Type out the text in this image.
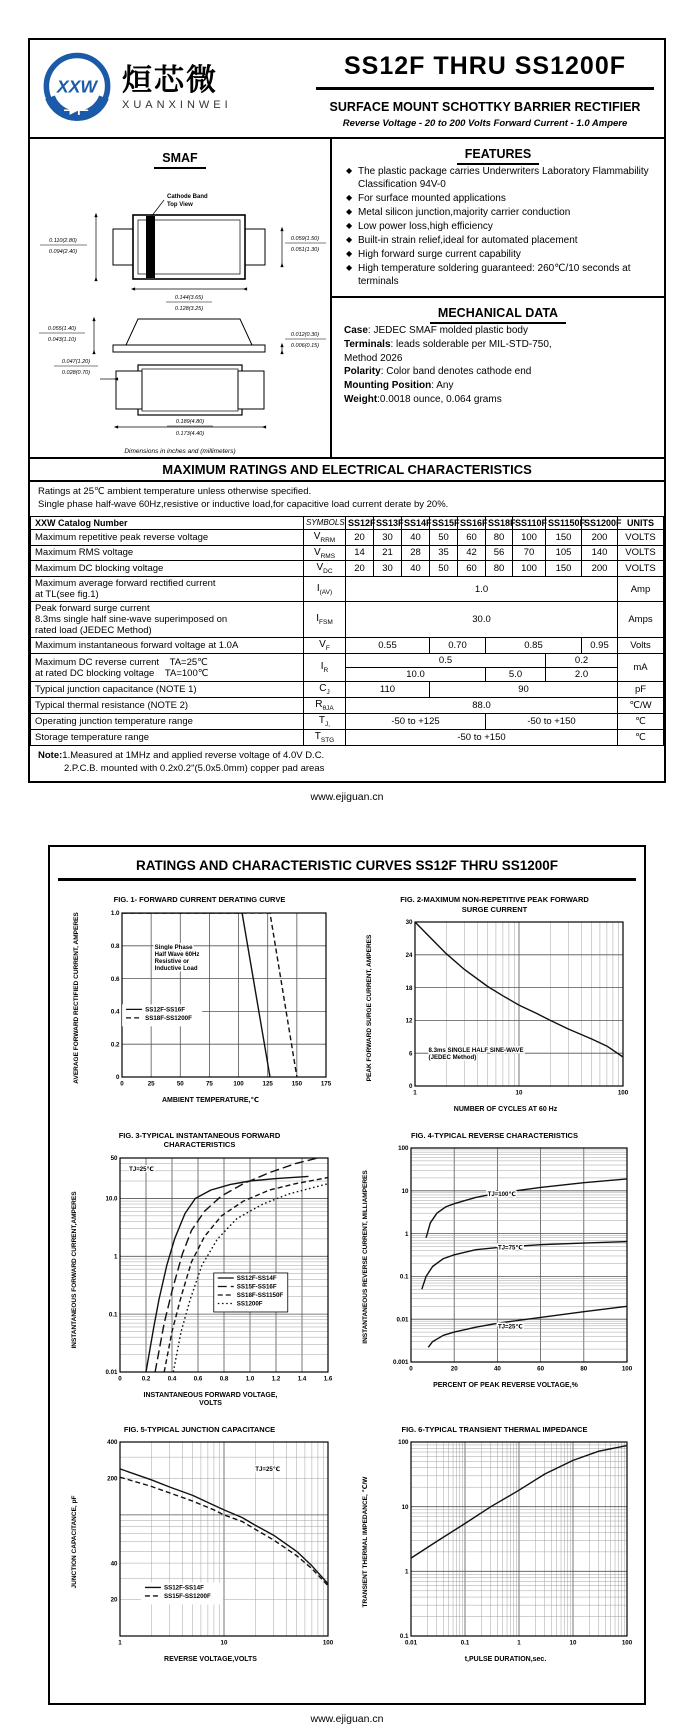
XXW 烜芯微
XUANXINWEI
SS12F THRU SS1200F
SURFACE MOUNT SCHOTTKY BARRIER RECTIFIER
Reverse Voltage - 20 to 200 Volts Forward Current - 1.0 Ampere
SMAF
Cathode Band
Top View
0.110(2.80)
0.094(2.40)
0.059(1.50)
0.051(1.30)
0.144(3.65)
0.128(3.25)
0.055(1.40)
0.043(1.10)
0.012(0.30)
0.006(0.15)
0.047(1.20)
0.028(0.70)
0.189(4.80)
0.173(4.40)
Dimensions in inches and (millimeters)
FEATURES
◆ The plastic package carries Underwriters Laboratory Flammability Classification 94V-0
◆ For surface mounted applications
◆ Metal silicon junction,majority carrier conduction
◆ Low power loss,high efficiency
◆ Built-in strain relief,ideal for automated placement
◆ High forward surge current capability
◆ High temperature soldering guaranteed: 260℃/10 seconds at terminals
MECHANICAL DATA
Case: JEDEC SMAF molded plastic body
Terminals: leads solderable per MIL-STD-750,
Method 2026
Polarity: Color band denotes cathode end
Mounting Position: Any
Weight:0.0018 ounce, 0.064 grams
MAXIMUM RATINGS AND ELECTRICAL CHARACTERISTICS
Ratings at 25℃ ambient temperature unless otherwise specified.
Single phase half-wave 60Hz,resistive or inductive load,for capacitive load current derate by 20%.
XXW Catalog Number	SYMBOLS	SS12F	SS13F	SS14F	SS15F	SS16F	SS18F	SS110F	SS1150F	SS1200F	UNITS

Maximum repetitive peak reverse voltage	$V_{RRM}$	20	30	40	50	60	80	100	150	200	VOLTS

Maximum RMS voltage	$V_{RMS}$	14	21	28	35	42	56	70	105	140	VOLTS

Maximum DC blocking voltage	$V_{DC}$	20	30	40	50	60	80	100	150	200	VOLTS

Maximum average forward rectified current
at TL(see fig.1)	$I_{(AV)}$	1.0									Amp

Peak forward surge current
8.3ms single half sine-wave superimposed on
rated load (JEDEC Method)	$I_{FSM}$	30.0									Amps

Maximum instantaneous forward voltage at 1.0A	$V_F$	0.55			0.70		0.85			0.95	Volts

Maximum DC reverse current    TA=25℃
at rated DC blocking voltage    TA=100℃	$I_R$	0.5							0.2		mA
		10.0					5.0		2.0		

Typical junction capacitance (NOTE 1)	$C_J$	110			90						pF

Typical thermal resistance (NOTE 2)	$R_{\theta JA}$	88.0									℃/W

Operating junction temperature range	$T_{J,}$	-50 to +125					-50 to +150				℃

Storage temperature range	$T_{STG}$	-50 to +150									℃
Note:1.Measured at 1MHz and applied reverse voltage of 4.0V D.C.
2.P.C.B. mounted with 0.2x0.2"(5.0x5.0mm) copper pad areas
www.ejiguan.cn
RATINGS AND CHARACTERISTIC CURVES SS12F THRU SS1200F
FIG. 1- FORWARD CURRENT DERATING CURVE
AVERAGE FORWARD RECTIFIED CURRENT, AMPERES	0	25	50	75	100	125	150	175
0
0.2
0.4
0.6
0.8
1.0
Single Phase
Half Wave 60Hz
Resistive or
Inductive Load
SS12F-SS16F
SS18F-SS1200F
AMBIENT TEMPERATURE,℃
FIG. 2-MAXIMUM NON-REPETITIVE PEAK FORWARD
SURGE CURRENT
PEAK FORWARD SURGE CURRENT, AMPERES
1	10	100
0
6
12
18
24
30
8.3ms SINGLE HALF SINE-WAVE
(JEDEC Method)
NUMBER OF CYCLES AT 60 Hz
FIG. 3-TYPICAL INSTANTANEOUS FORWARD
CHARACTERISTICS
INSTANTANEOUS FORWARD CURRENT,AMPERES
0	0.2	0.4	0.6	0.8	1.0	1.2	1.4	1.6
0.01
0.1
1
10.0
50
TJ=25℃
SS12F-SS14F
SS15F-SS16F
SS18F-SS1150F
SS1200F
INSTANTANEOUS FORWARD VOLTAGE,
VOLTS
FIG. 4-TYPICAL REVERSE CHARACTERISTICS
INSTANTANEOUS REVERSE CURRENT, MILLIAMPERES
0	20	40	60	80	100
0.001
0.01
0.1
1
10
100
TJ=100℃
TJ=75℃
TJ=25℃
PERCENT OF PEAK REVERSE VOLTAGE,%
FIG. 5-TYPICAL JUNCTION CAPACITANCE
JUNCTION CAPACITANCE, pF
1	10	100
20
40
200
400
TJ=25℃
SS12F-SS14F
SS15F-SS1200F
REVERSE VOLTAGE,VOLTS
FIG. 6-TYPICAL TRANSIENT THERMAL IMPEDANCE
TRANSIENT THERMAL IMPEDANCE, ℃/W
0.01	0.1	1	10	100
0.1
1
10
100
t,PULSE DURATION,sec.
www.ejiguan.cn
